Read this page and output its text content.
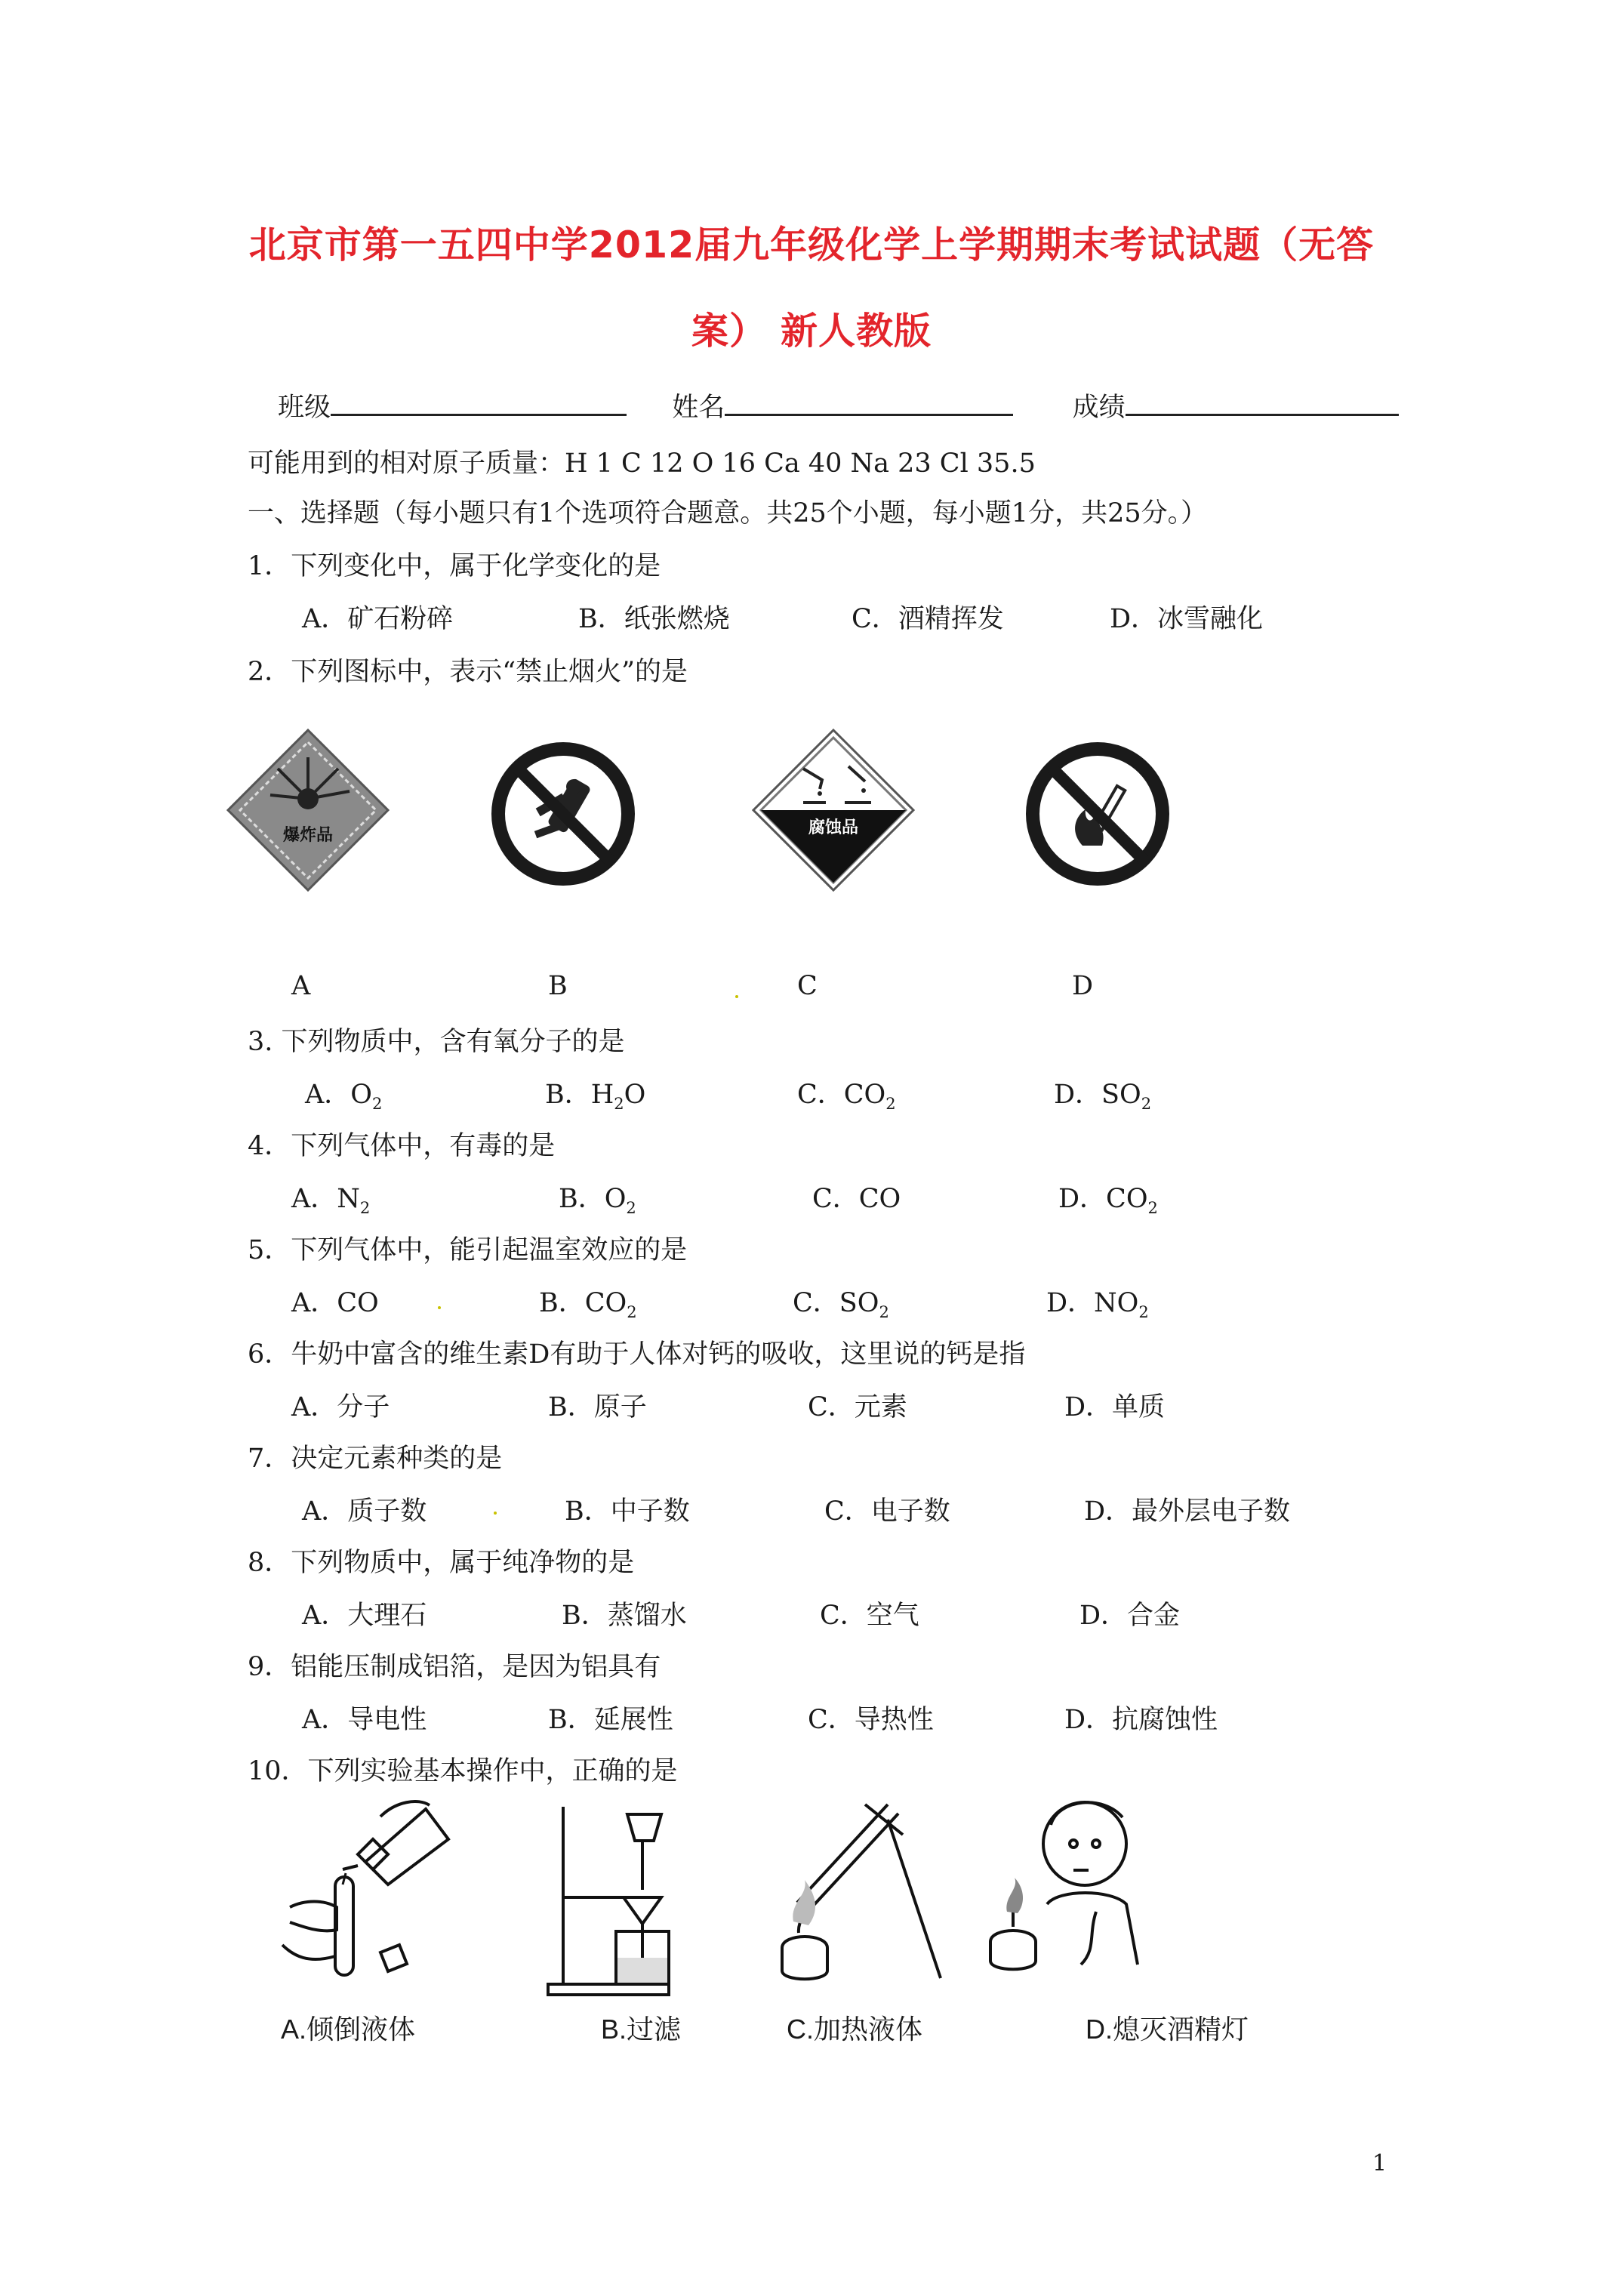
北京市第一五四中学2012届九年级化学上学期期末考试试题（无答
案） 新人教版
班级	姓名	成绩
可能用到的相对原子质量：H 1 C 12 O 16 Ca 40 Na 23 Cl 35.5
一、选择题（每小题只有1个选项符合题意。共25个小题，每小题1分，共25分。）
1．下列变化中，属于化学变化的是
A．矿石粉碎	B．纸张燃烧	C．酒精挥发	D．冰雪融化
2．下列图标中，表示“禁止烟火”的是
爆炸品	腐蚀品
A	B	C	D
3. 下列物质中，含有氧分子的是
A．$O_2$	B．$H_2O$	C．$CO_2$	D．$SO_2$
4．下列气体中，有毒的是
A．$N_2$	B．$O_2$	C．CO	D．$CO_2$
5．下列气体中，能引起温室效应的是
A．CO	B．$CO_2$	C．$SO_2$	D．$NO_2$
6．牛奶中富含的维生素D有助于人体对钙的吸收，这里说的钙是指
A．分子	B．原子	C．元素	D．单质
7．决定元素种类的是
A．质子数	B．中子数	C．电子数	D．最外层电子数
8．下列物质中，属于纯净物的是
A．大理石	B．蒸馏水	C．空气	D．合金
9．铝能压制成铝箔，是因为铝具有
A．导电性	B．延展性	C．导热性	D．抗腐蚀性
10．下列实验基本操作中，正确的是
A.倾倒液体	B.过滤	C.加热液体	D.熄灭酒精灯
1
